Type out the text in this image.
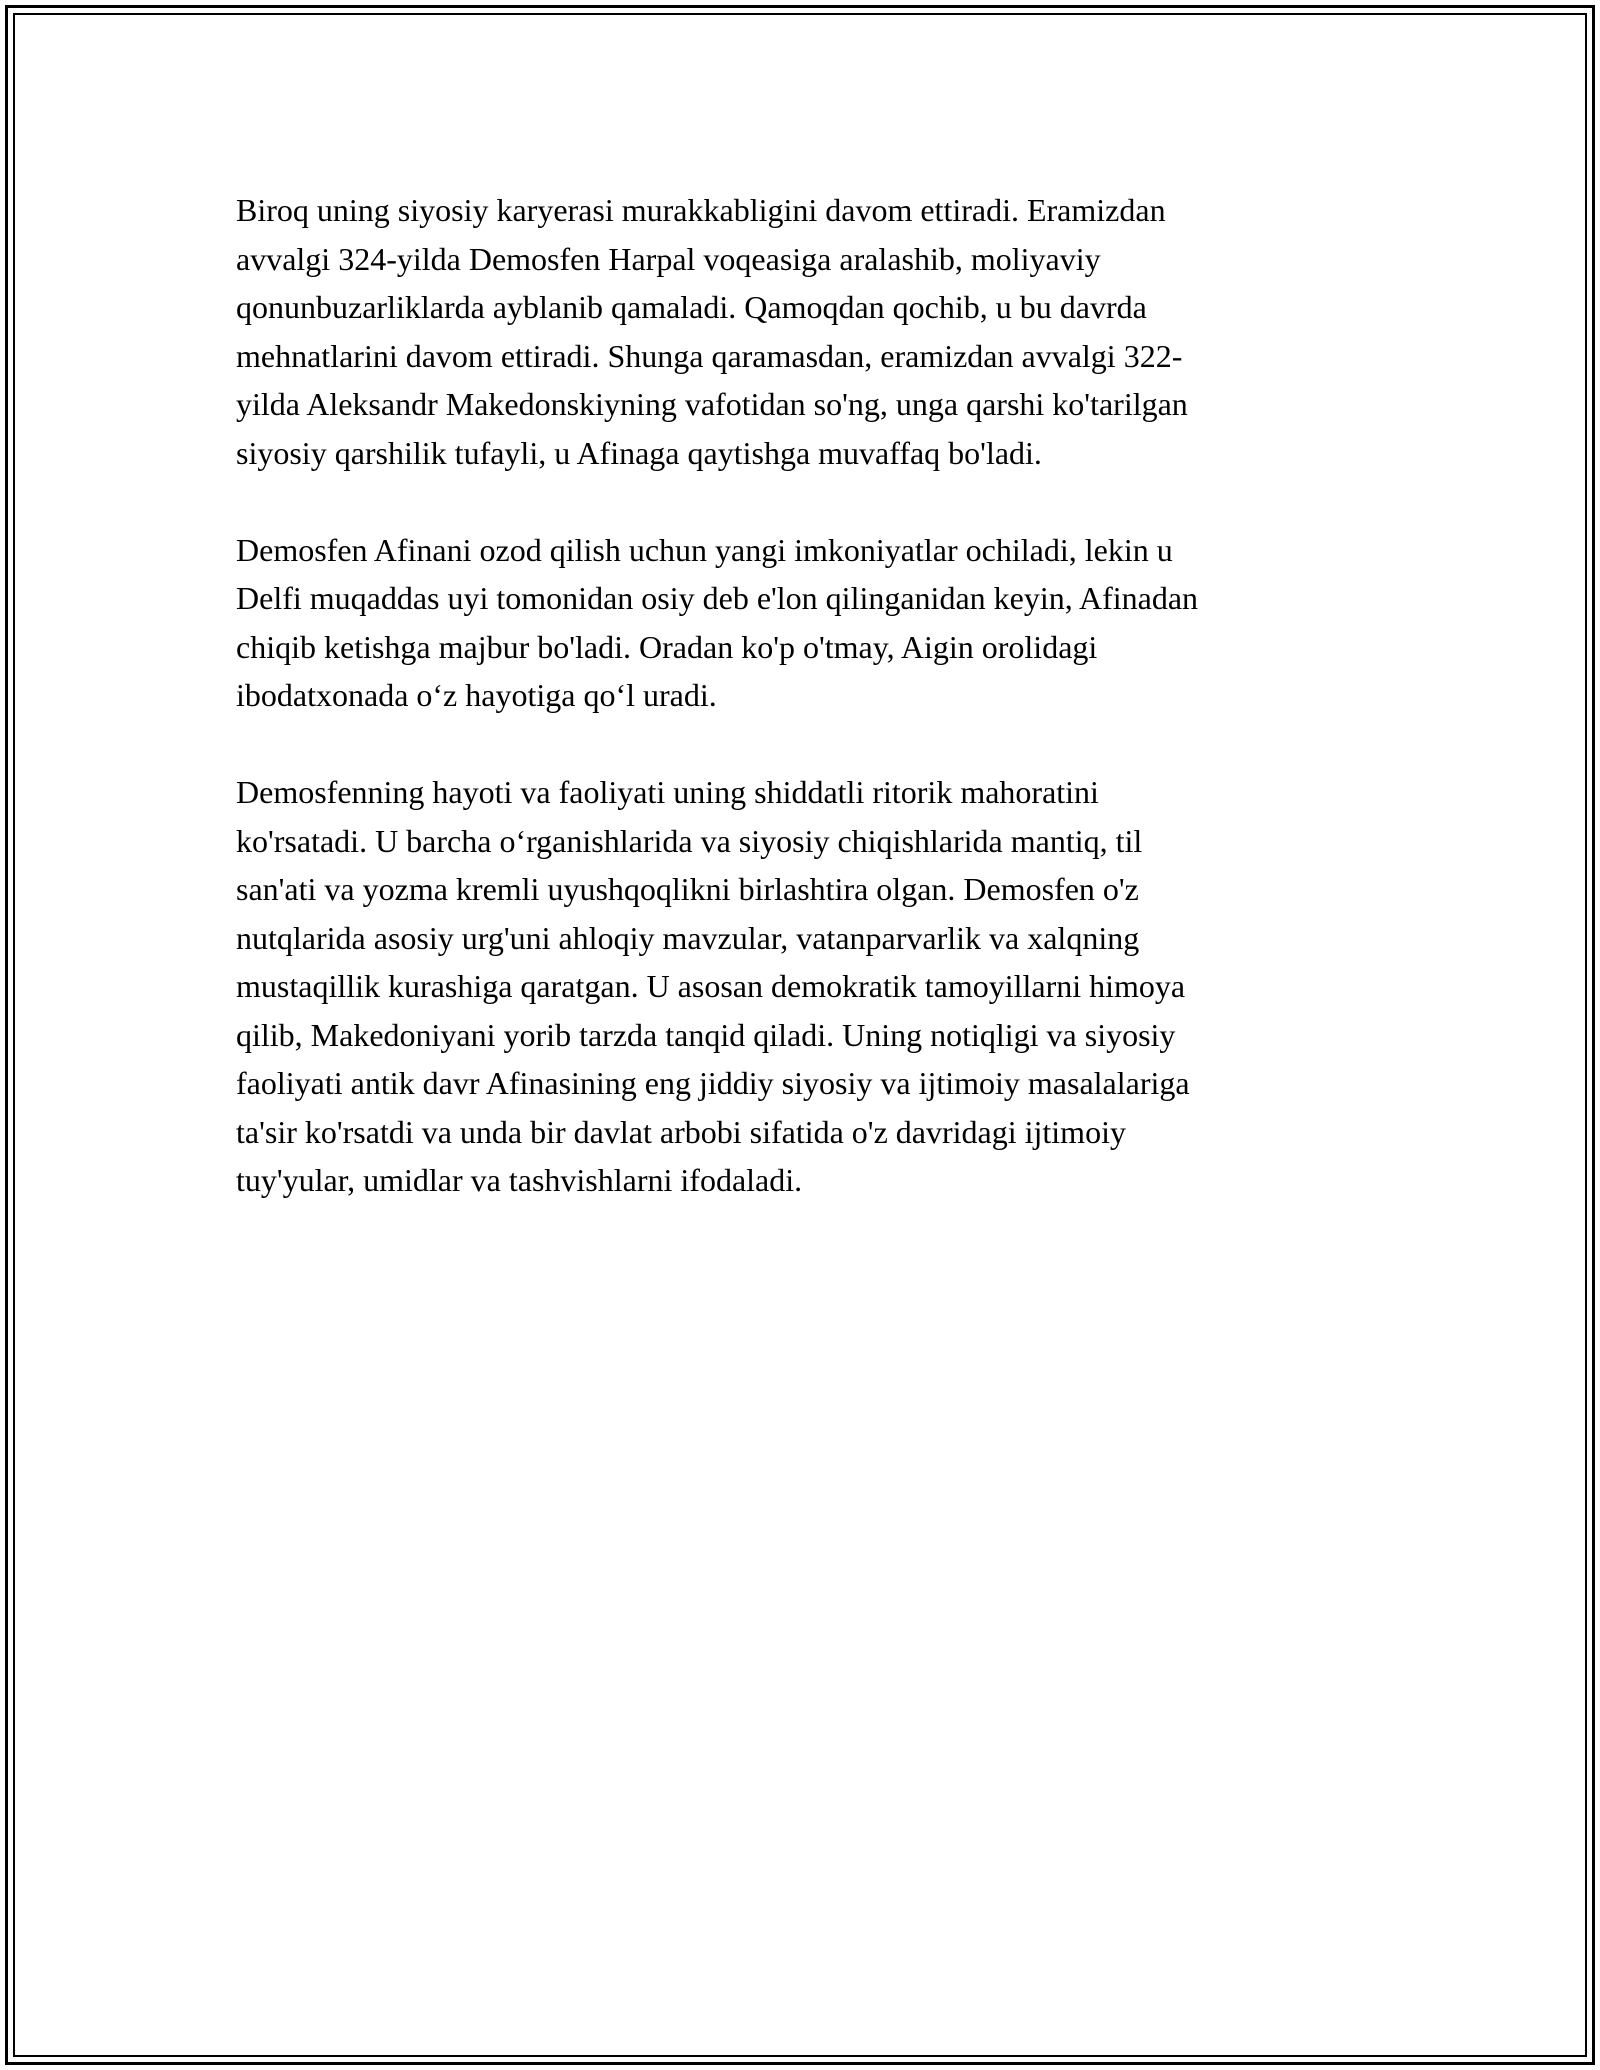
Biroq uning siyosiy karyerasi murakkabligini davom ettiradi. Eramizdan
avvalgi 324-yilda Demosfen Harpal voqeasiga aralashib, moliyaviy
qonunbuzarliklarda ayblanib qamaladi. Qamoqdan qochib, u bu davrda
mehnatlarini davom ettiradi. Shunga qaramasdan, eramizdan avvalgi 322-
yilda Aleksandr Makedonskiyning vafotidan so'ng, unga qarshi ko'tarilgan
siyosiy qarshilik tufayli, u Afinaga qaytishga muvaffaq bo'ladi.

Demosfen Afinani ozod qilish uchun yangi imkoniyatlar ochiladi, lekin u
Delfi muqaddas uyi tomonidan osiy deb e'lon qilinganidan keyin, Afinadan
chiqib ketishga majbur bo'ladi. Oradan ko'p o'tmay, Aigin orolidagi
ibodatxonada o‘z hayotiga qo‘l uradi.

Demosfenning hayoti va faoliyati uning shiddatli ritorik mahoratini
ko'rsatadi. U barcha o‘rganishlarida va siyosiy chiqishlarida mantiq, til
san'ati va yozma kremli uyushqoqlikni birlashtira olgan. Demosfen o'z
nutqlarida asosiy urg'uni ahloqiy mavzular, vatanparvarlik va xalqning
mustaqillik kurashiga qaratgan. U asosan demokratik tamoyillarni himoya
qilib, Makedoniyani yorib tarzda tanqid qiladi. Uning notiqligi va siyosiy
faoliyati antik davr Afinasining eng jiddiy siyosiy va ijtimoiy masalalariga
ta'sir ko'rsatdi va unda bir davlat arbobi sifatida o'z davridagi ijtimoiy
tuy'yular, umidlar va tashvishlarni ifodaladi.
